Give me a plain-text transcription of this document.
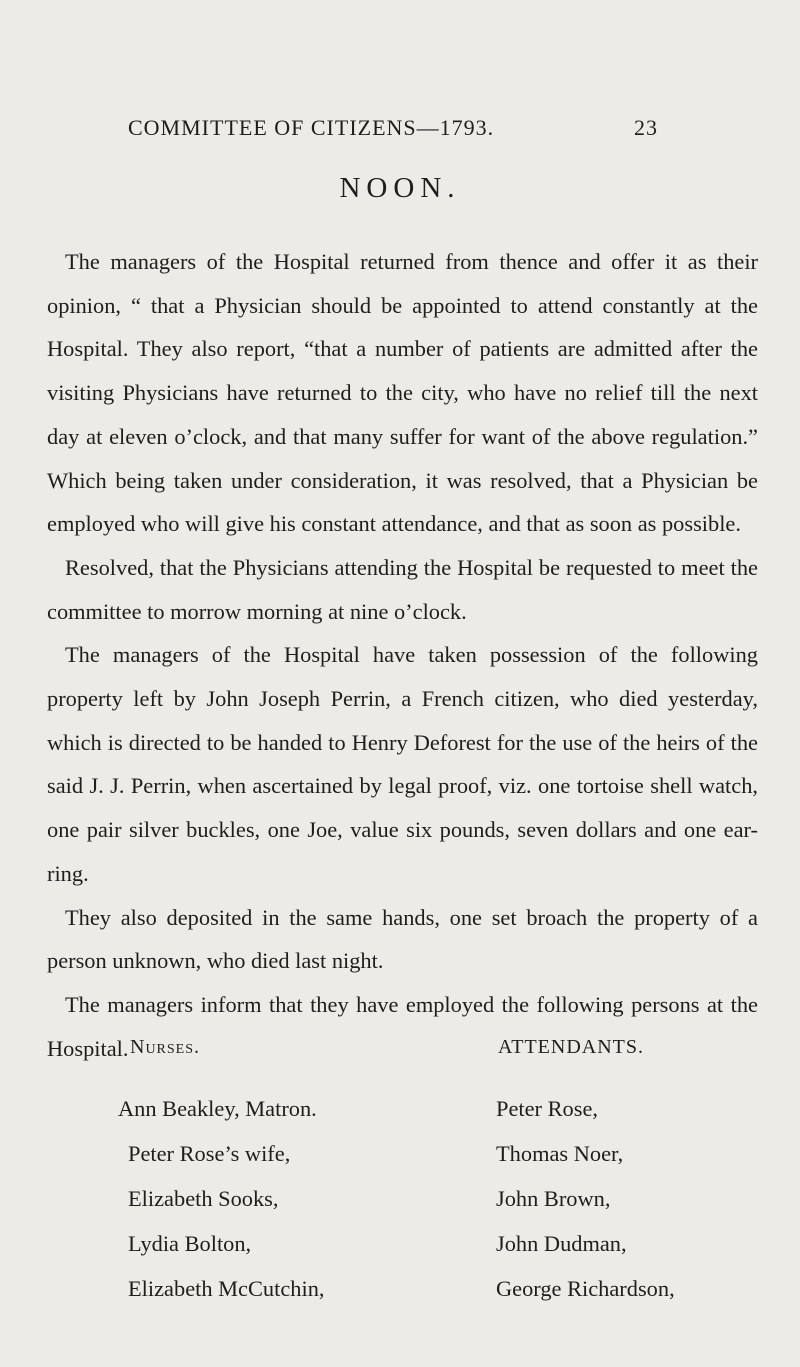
COMMITTEE OF CITIZENS—1793.	23
NOON.

The managers of the Hospital returned from thence and offer it as their opinion, “ that a Physician should be appointed to attend constantly at the Hospital. They also report, “that a number of patients are admitted after the visiting Physicians have returned to the city, who have no relief till the next day at eleven o’clock, and that many suffer for want of the above regulation.” Which being taken under consideration, it was resolved, that a Physician be employed who will give his constant attendance, and that as soon as possible.

Resolved, that the Physicians attending the Hospital be requested to meet the committee to morrow morning at nine o’clock.

The managers of the Hospital have taken possession of the following property left by John Joseph Perrin, a French citizen, who died yesterday, which is directed to be handed to Henry Deforest for the use of the heirs of the said J. J. Perrin, when ascertained by legal proof, viz. one tortoise shell watch, one pair silver buckles, one Joe, value six pounds, seven dollars and one ear-ring.

They also deposited in the same hands, one set broach the property of a person unknown, who died last night.

The managers inform that they have employed the following persons at the Hospital. Nurses.
Ann Beakley, Matron.
Peter Rose’s wife,
Elizabeth Sooks,
Lydia Bolton,
Elizabeth McCutchin,
ATTENDANTS.
Peter Rose,
Thomas Noer,
John Brown,
John Dudman,
George Richardson,
